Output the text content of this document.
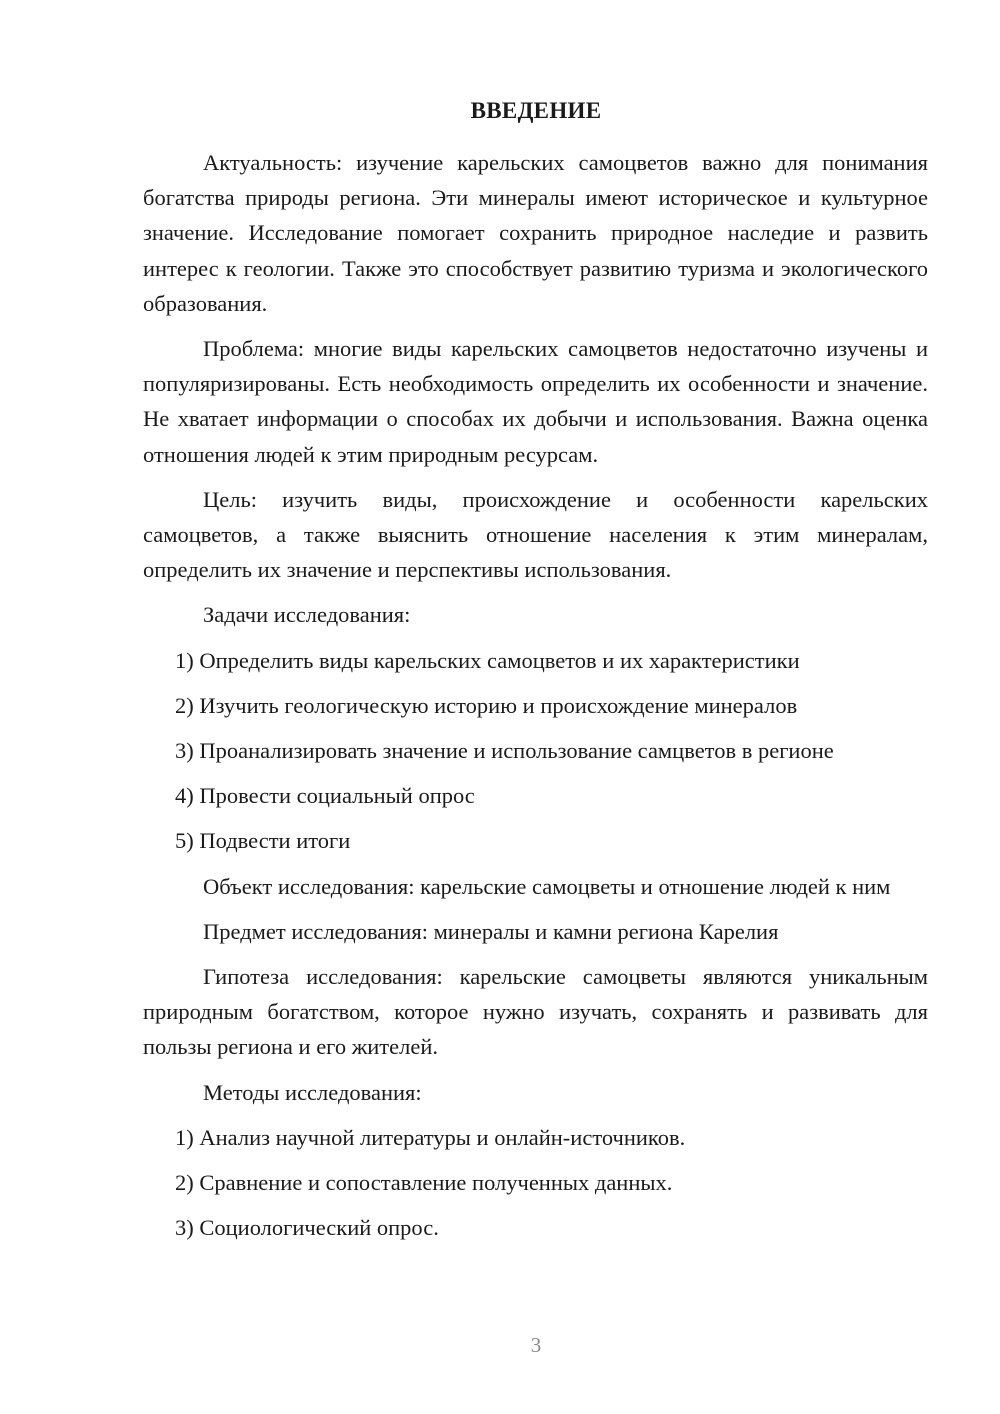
ВВЕДЕНИЕ

Актуальность: изучение карельских самоцветов важно для понимания богатства природы региона. Эти минералы имеют историческое и культурное значение. Исследование помогает сохранить природное наследие и развить интерес к геологии. Также это способствует развитию туризма и экологического образования.

Проблема: многие виды карельских самоцветов недостаточно изучены и популяризированы. Есть необходимость определить их особенности и значение. Не хватает информации о способах их добычи и использования. Важна оценка отношения людей к этим природным ресурсам.

Цель: изучить виды, происхождение и особенности карельских самоцветов, а также выяснить отношение населения к этим минералам, определить их значение и перспективы использования.

Задачи исследования:

1) Определить виды карельских самоцветов и их характеристики

2) Изучить геологическую историю и происхождение минералов

3) Проанализировать значение и использование самцветов в регионе

4) Провести социальный опрос

5) Подвести итоги

Объект исследования: карельские самоцветы и отношение людей к ним

Предмет исследования: минералы и камни региона Карелия

Гипотеза исследования: карельские самоцветы являются уникальным природным богатством, которое нужно изучать, сохранять и развивать для пользы региона и его жителей.

Методы исследования:

1) Анализ научной литературы и онлайн-источников.

2) Сравнение и сопоставление полученных данных.

3) Социологический опрос.

3
